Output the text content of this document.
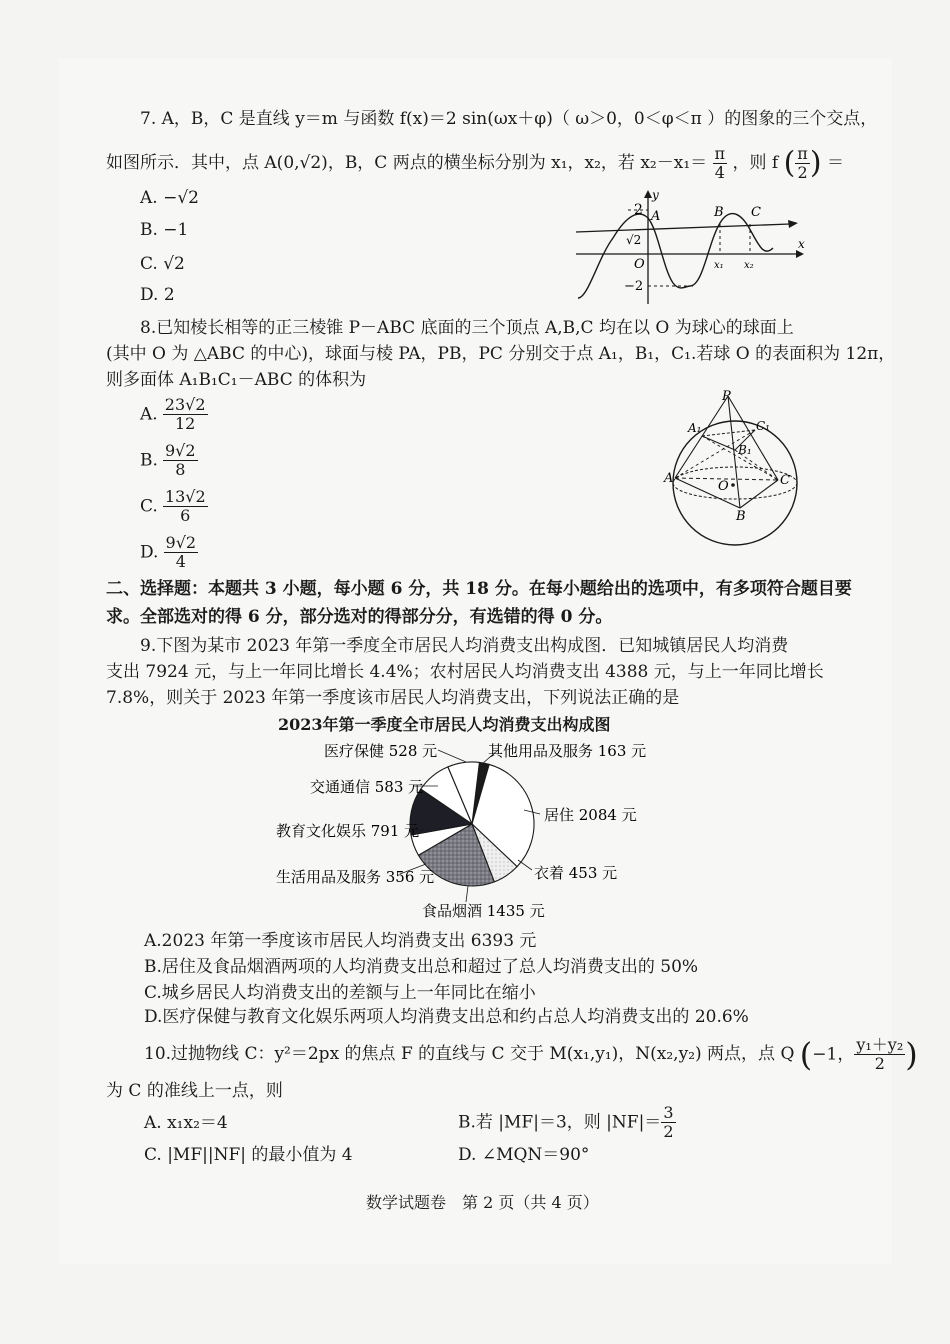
7. A，B，C 是直线 y＝m 与函数 f(x)＝2 sin(ωx＋φ)（ ω＞0，0＜φ＜π ）的图象的三个交点，
如图所示．其中，点 A(0,√2)，B，C 两点的横坐标分别为 x₁，x₂，若 $x_2-x_1= \frac{\pi}{4}$ ，则 f ( $\frac{\pi}{2}$ ) ＝
A. −√2
B. −1
C. √2
D. 2
y
x
2
√2
−2
O
A	B C
x₁ x₂
8.已知棱长相等的正三棱锥 P－ABC 底面的三个顶点 A,B,C 均在以 O 为球心的球面上
(其中 O 为 △ABC 的中心)，球面与棱 PA，PB，PC 分别交于点 A₁，B₁，C₁.若球 O 的表面积为 12π，
则多面体 A₁B₁C₁－ABC 的体积为
A. $\frac{23√2}{12}$
B. $\frac{9√2}{8}$
C. $\frac{13√2}{6}$
D. $\frac{9√2}{4}$
P
A₁	C₁
B₁
A
O	C
B
二、选择题：本题共 3 小题，每小题 6 分，共 18 分。在每小题给出的选项中，有多项符合题目要
求。全部选对的得 6 分，部分选对的得部分分，有选错的得 0 分。
9.下图为某市 2023 年第一季度全市居民人均消费支出构成图．已知城镇居民人均消费
支出 7924 元，与上一年同比增长 4.4%；农村居民人均消费支出 4388 元，与上一年同比增长
7.8%，则关于 2023 年第一季度该市居民人均消费支出，下列说法正确的是
2023年第一季度全市居民人均消费支出构成图
其他用品及服务 163 元
居住 2084 元
衣着 453 元
食品烟酒 1435 元
生活用品及服务 356 元
教育文化娱乐 791 元
交通通信 583 元
医疗保健 528 元
A.2023 年第一季度该市居民人均消费支出 6393 元
B.居住及食品烟酒两项的人均消费支出总和超过了总人均消费支出的 50%
C.城乡居民人均消费支出的差额与上一年同比在缩小
D.医疗保健与教育文化娱乐两项人均消费支出总和约占总人均消费支出的 20.6%
10.过抛物线 C：y²＝2px 的焦点 F 的直线与 C 交于 M(x₁,y₁)，N(x₂,y₂) 两点，点 Q (−1， $\frac{\text{y₁＋y₂}}{2}$ )
为 C 的准线上一点，则
A. x₁x₂＝4	B.若 |MF|＝3，则 $|NF|= \frac{3}{2}$
C. |MF||NF| 的最小值为 4	D. ∠MQN＝90°
数学试题卷　第 2 页（共 4 页）
